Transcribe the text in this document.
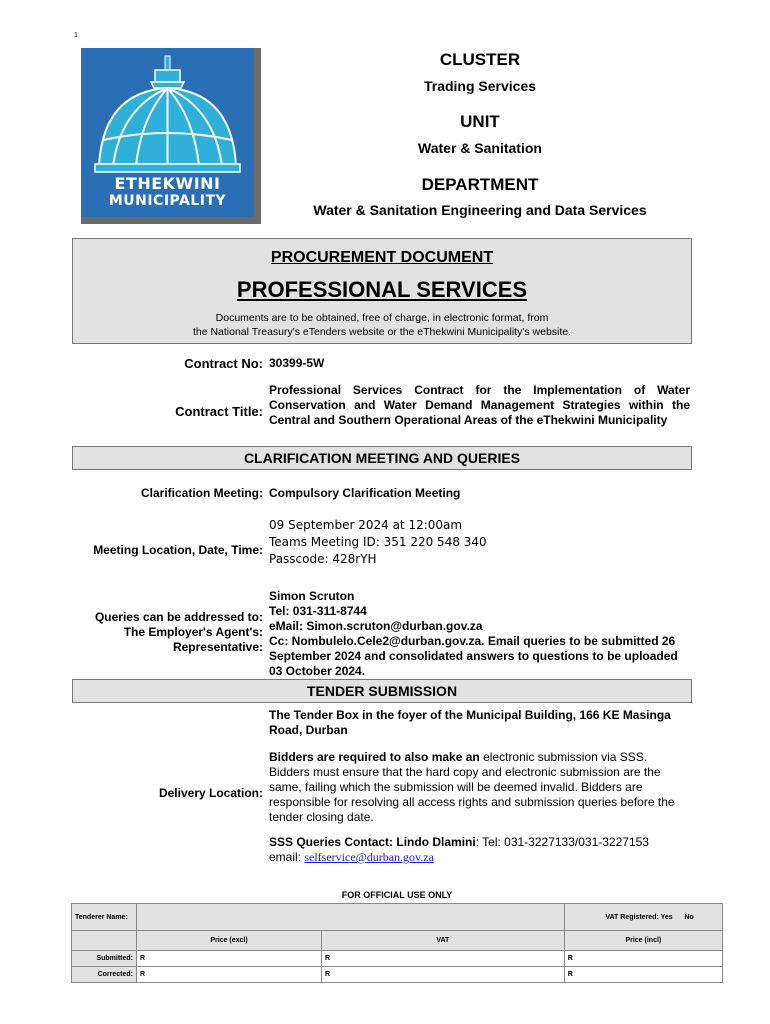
1
ETHEKWINI
MUNICIPALITY
CLUSTER
Trading Services
UNIT
Water & Sanitation
DEPARTMENT
Water & Sanitation Engineering and Data Services
PROCUREMENT DOCUMENT
PROFESSIONAL SERVICES
Documents are to be obtained, free of charge, in electronic format, from
the National Treasury's eTenders website or the eThekwini Municipality's website.
Contract No: 30399-5W
Contract Title:
Professional Services Contract for the Implementation of Water Conservation and Water Demand Management Strategies within the Central and Southern Operational Areas of the eThekwini Municipality
CLARIFICATION MEETING AND QUERIES
Clarification Meeting: Compulsory Clarification Meeting
Meeting Location, Date, Time:
09 September 2024 at 12:00am
Teams Meeting ID: 351 220 548 340
Passcode: 428rYH
Queries can be addressed to:
The Employer's Agent's:
Representative:
Simon Scruton
Tel: 031-311-8744
eMail: Simon.scruton@durban.gov.za
Cc: Nombulelo.Cele2@durban.gov.za. Email queries to be submitted 26 September 2024 and consolidated answers to questions to be uploaded 03 October 2024.
TENDER SUBMISSION
Delivery Location:
The Tender Box in the foyer of the Municipal Building, 166 KE Masinga Road, Durban
Bidders are required to also make an electronic submission via SSS. Bidders must ensure that the hard copy and electronic submission are the same, failing which the submission will be deemed invalid. Bidders are responsible for resolving all access rights and submission queries before the tender closing date.
SSS Queries Contact: Lindo Dlamini: Tel: 031-3227133/031-3227153
email: selfservice@durban.gov.za
FOR OFFICIAL USE ONLY
Tenderer Name:			VAT Registered: Yes No
	Price (excl)	VAT	Price (incl)
Submitted:	R	R	R
Corrected:	R	R	R
